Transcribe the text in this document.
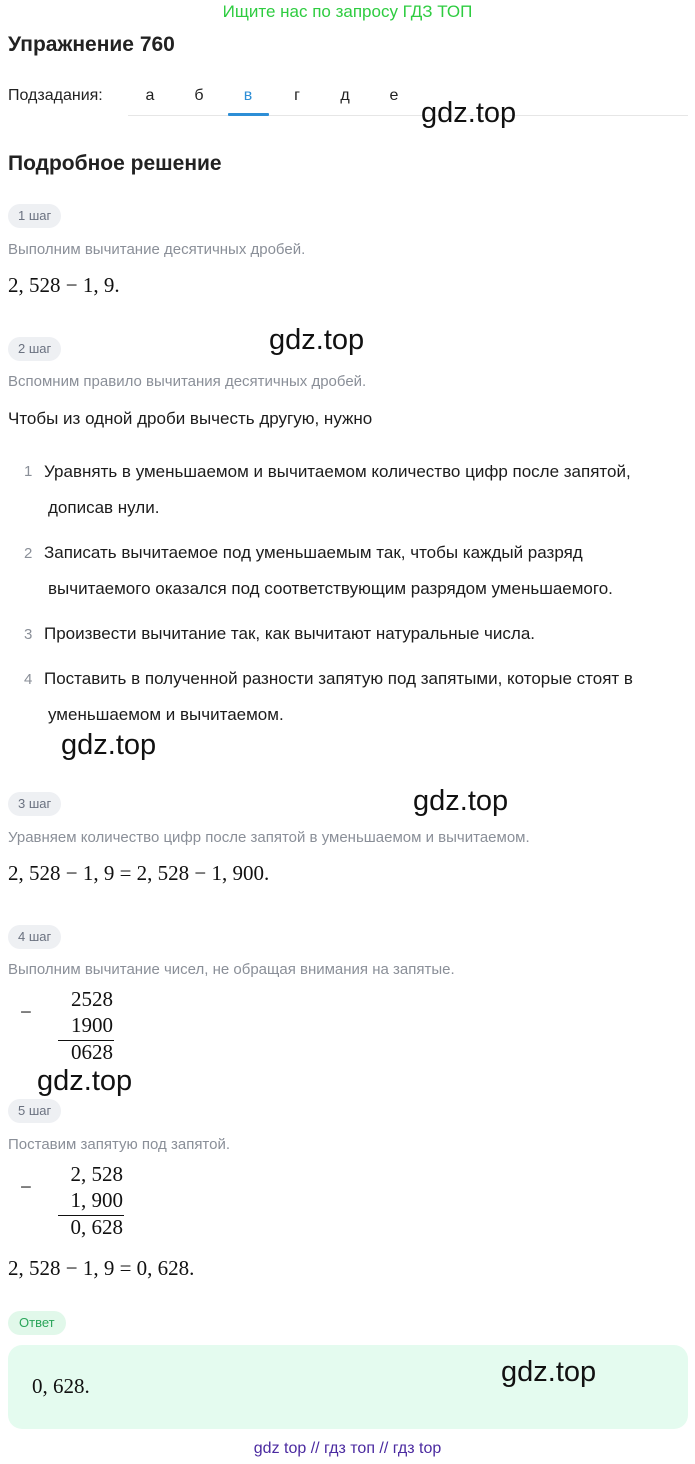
Ищите нас по запросу ГДЗ ТОП
Упражнение 760
Подзадания:	а	б	в	г	д	е
gdz.top
Подробное решение
1 шаг
Выполним вычитание десятичных дробей.
2, 528 − 1, 9.
2 шаг	gdz.top
Вспомним правило вычитания десятичных дробей.
Чтобы из одной дроби вычесть другую, нужно
1 Уравнять в уменьшаемом и вычитаемом количество цифр после запятой,
дописав нули.
2 Записать вычитаемое под уменьшаемым так, чтобы каждый разряд
вычитаемого оказался под соответствующим разрядом уменьшаемого.
3 Произвести вычитание так, как вычитают натуральные числа.
4 Поставить в полученной разности запятую под запятыми, которые стоят в
уменьшаемом и вычитаемом.
gdz.top
3 шаг	gdz.top
Уравняем количество цифр после запятой в уменьшаемом и вычитаемом.
2, 528 − 1, 9 = 2, 528 − 1, 900.
4 шаг
Выполним вычитание чисел, не обращая внимания на запятые.
−
2528
1900
0628
gdz.top
5 шаг
Поставим запятую под запятой.
−
2, 528
1, 900
0, 628
2, 528 − 1, 9 = 0, 628.
Ответ
0, 628.	gdz.top
gdz top // гдз топ // гдз top
